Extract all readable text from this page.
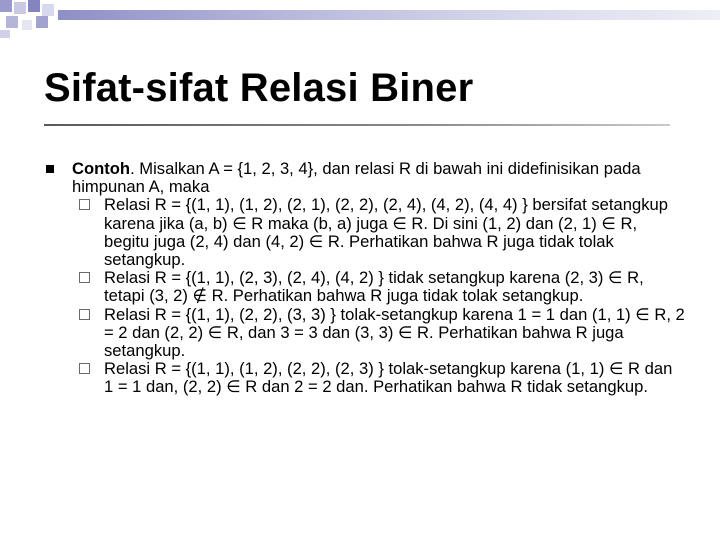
Sifat-sifat Relasi Biner
Contoh. Misalkan A = {1, 2, 3, 4}, dan relasi R di bawah ini didefinisikan pada himpunan A, maka
Relasi R = {(1, 1), (1, 2), (2, 1), (2, 2), (2, 4), (4, 2), (4, 4) } bersifat setangkup karena jika (a, b) ∈ R maka (b, a) juga ∈ R. Di sini (1, 2) dan (2, 1) ∈ R, begitu juga (2, 4) dan (4, 2) ∈ R. Perhatikan bahwa R juga tidak tolak setangkup.
Relasi R = {(1, 1), (2, 3), (2, 4), (4, 2) } tidak setangkup karena (2, 3) ∈ R, tetapi (3, 2) ∉ R. Perhatikan bahwa R juga tidak tolak setangkup.
Relasi R = {(1, 1), (2, 2), (3, 3) } tolak-setangkup karena 1 = 1 dan (1, 1) ∈ R, 2 = 2 dan (2, 2) ∈ R, dan 3 = 3 dan (3, 3) ∈ R. Perhatikan bahwa R juga setangkup.
Relasi R = {(1, 1), (1, 2), (2, 2), (2, 3) } tolak-setangkup karena (1, 1) ∈ R dan 1 = 1 dan, (2, 2) ∈ R dan 2 = 2 dan. Perhatikan bahwa R tidak setangkup.
